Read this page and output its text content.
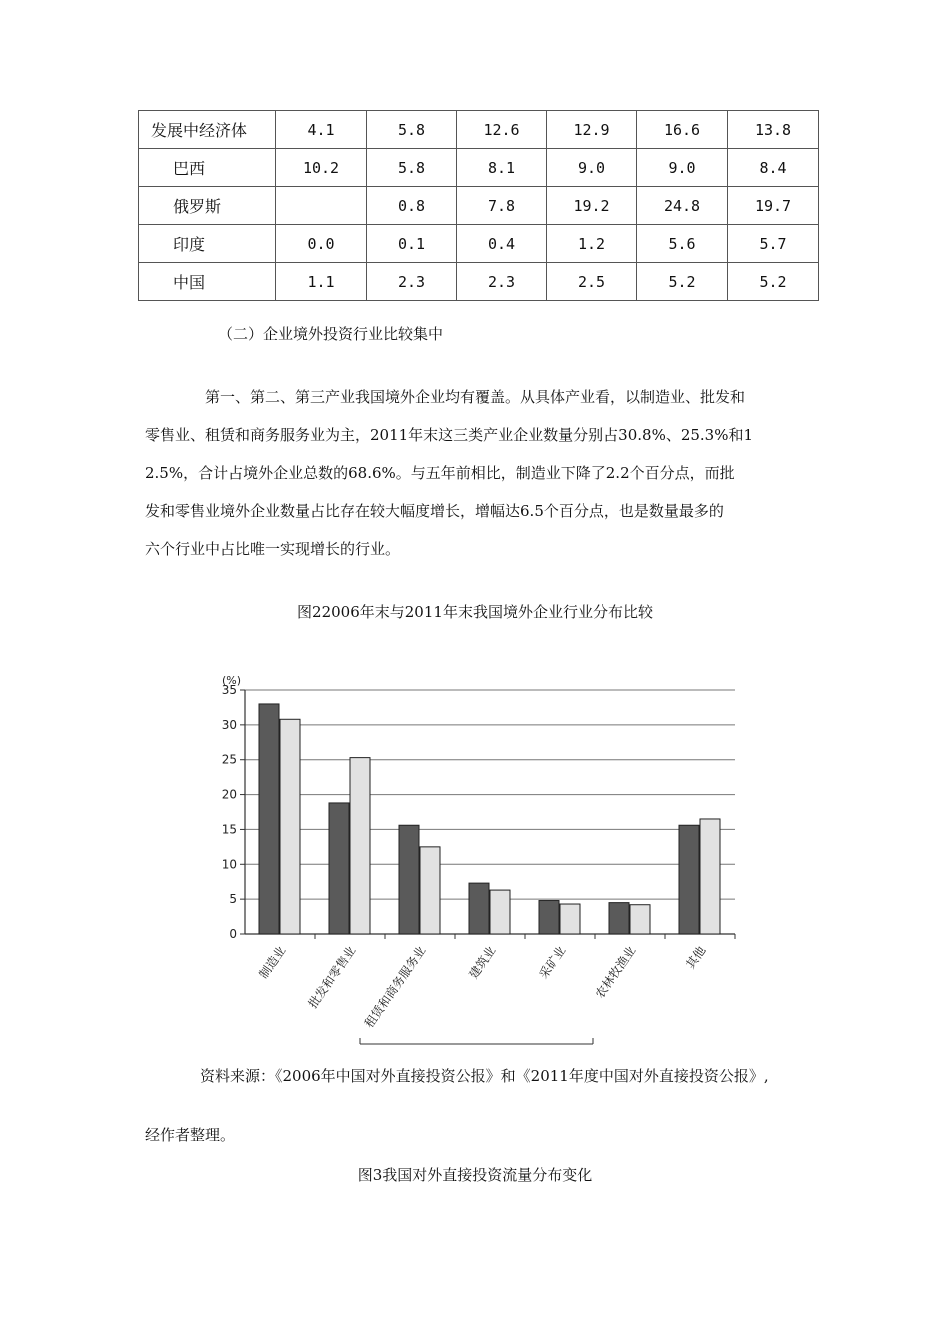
发展中经济体	4.1	5.8	12.6	12.9	16.6	13.8
巴西	10.2	5.8	8.1	9.0	9.0	8.4
俄罗斯		0.8	7.8	19.2	24.8	19.7
印度	0.0	0.1	0.4	1.2	5.6	5.7
中国	1.1	2.3	2.3	2.5	5.2	5.2

（二）企业境外投资行业比较集中

第一、第二、第三产业我国境外企业均有覆盖。从具体产业看，以制造业、批发和

零售业、租赁和商务服务业为主，2011年末这三类产业企业数量分别占30.8%、25.3%和1

2.5%，合计占境外企业总数的68.6%。与五年前相比，制造业下降了2.2个百分点，而批

发和零售业境外企业数量占比存在较大幅度增长，增幅达6.5个百分点，也是数量最多的

六个行业中占比唯一实现增长的行业。

图22006年末与2011年末我国境外企业行业分布比较

(%)
0
5
10
15
20
25
30
35
制造业 批发和零售业 租赁和商务服务业	建筑业	采矿业 农林牧渔业	其他

资料来源：《2006年中国对外直接投资公报》和《2011年度中国对外直接投资公报》,

经作者整理。

图3我国对外直接投资流量分布变化
